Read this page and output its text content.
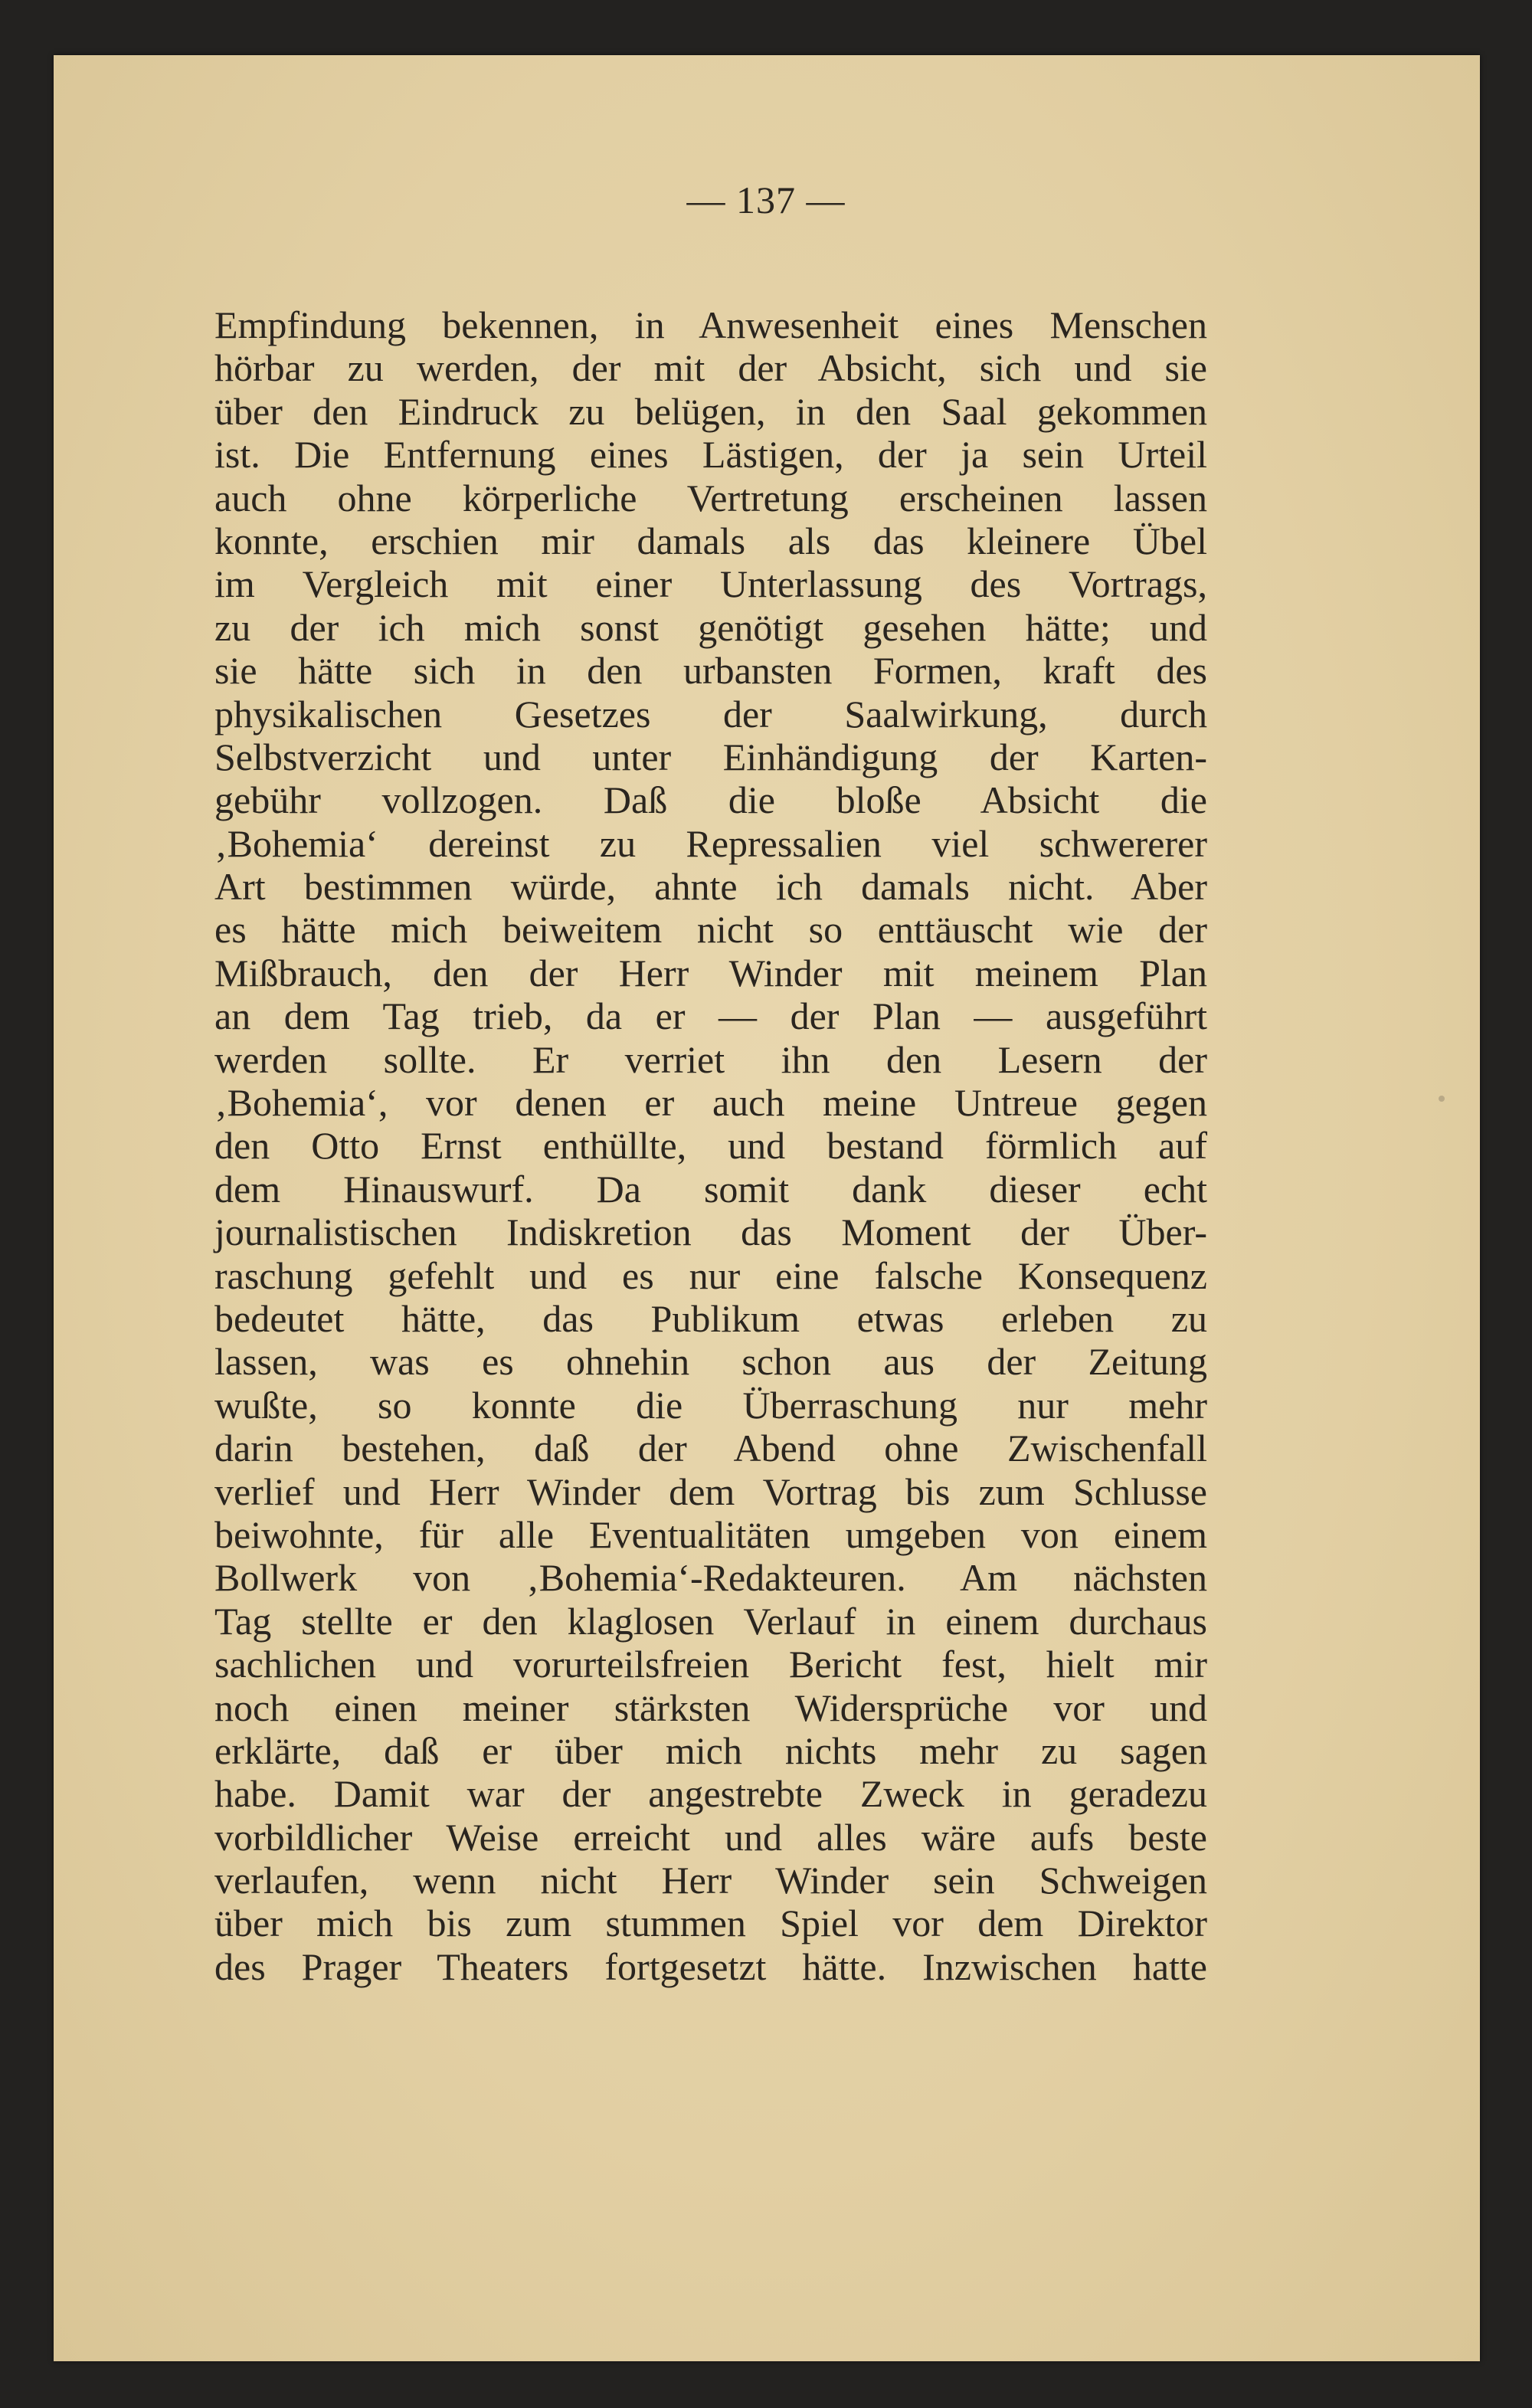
— 137 —
Empfindung bekennen, in Anwesenheit eines Menschen
hörbar zu werden, der mit der Absicht, sich und sie
über den Eindruck zu belügen, in den Saal gekommen
ist. Die Entfernung eines Lästigen, der ja sein Urteil
auch ohne körperliche Vertretung erscheinen lassen
konnte, erschien mir damals als das kleinere Übel
im Vergleich mit einer Unterlassung des Vortrags,
zu der ich mich sonst genötigt gesehen hätte; und
sie hätte sich in den urbansten Formen, kraft des
physikalischen Gesetzes der Saalwirkung, durch
Selbstverzicht und unter Einhändigung der Karten-
gebühr vollzogen. Daß die bloße Absicht die
‚Bohemia‘ dereinst zu Repressalien viel schwererer
Art bestimmen würde, ahnte ich damals nicht. Aber
es hätte mich beiweitem nicht so enttäuscht wie der
Mißbrauch, den der Herr Winder mit meinem Plan
an dem Tag trieb, da er — der Plan — ausgeführt
werden sollte. Er verriet ihn den Lesern der
‚Bohemia‘, vor denen er auch meine Untreue gegen
den Otto Ernst enthüllte, und bestand förmlich auf
dem Hinauswurf. Da somit dank dieser echt
journalistischen Indiskretion das Moment der Über-
raschung gefehlt und es nur eine falsche Konsequenz
bedeutet hätte, das Publikum etwas erleben zu
lassen, was es ohnehin schon aus der Zeitung
wußte, so konnte die Überraschung nur mehr
darin bestehen, daß der Abend ohne Zwischenfall
verlief und Herr Winder dem Vortrag bis zum Schlusse
beiwohnte, für alle Eventualitäten umgeben von einem
Bollwerk von ‚Bohemia‘-Redakteuren. Am nächsten
Tag stellte er den klaglosen Verlauf in einem durchaus
sachlichen und vorurteilsfreien Bericht fest, hielt mir
noch einen meiner stärksten Widersprüche vor und
erklärte, daß er über mich nichts mehr zu sagen
habe. Damit war der angestrebte Zweck in geradezu
vorbildlicher Weise erreicht und alles wäre aufs beste
verlaufen, wenn nicht Herr Winder sein Schweigen
über mich bis zum stummen Spiel vor dem Direktor
des Prager Theaters fortgesetzt hätte. Inzwischen hatte
